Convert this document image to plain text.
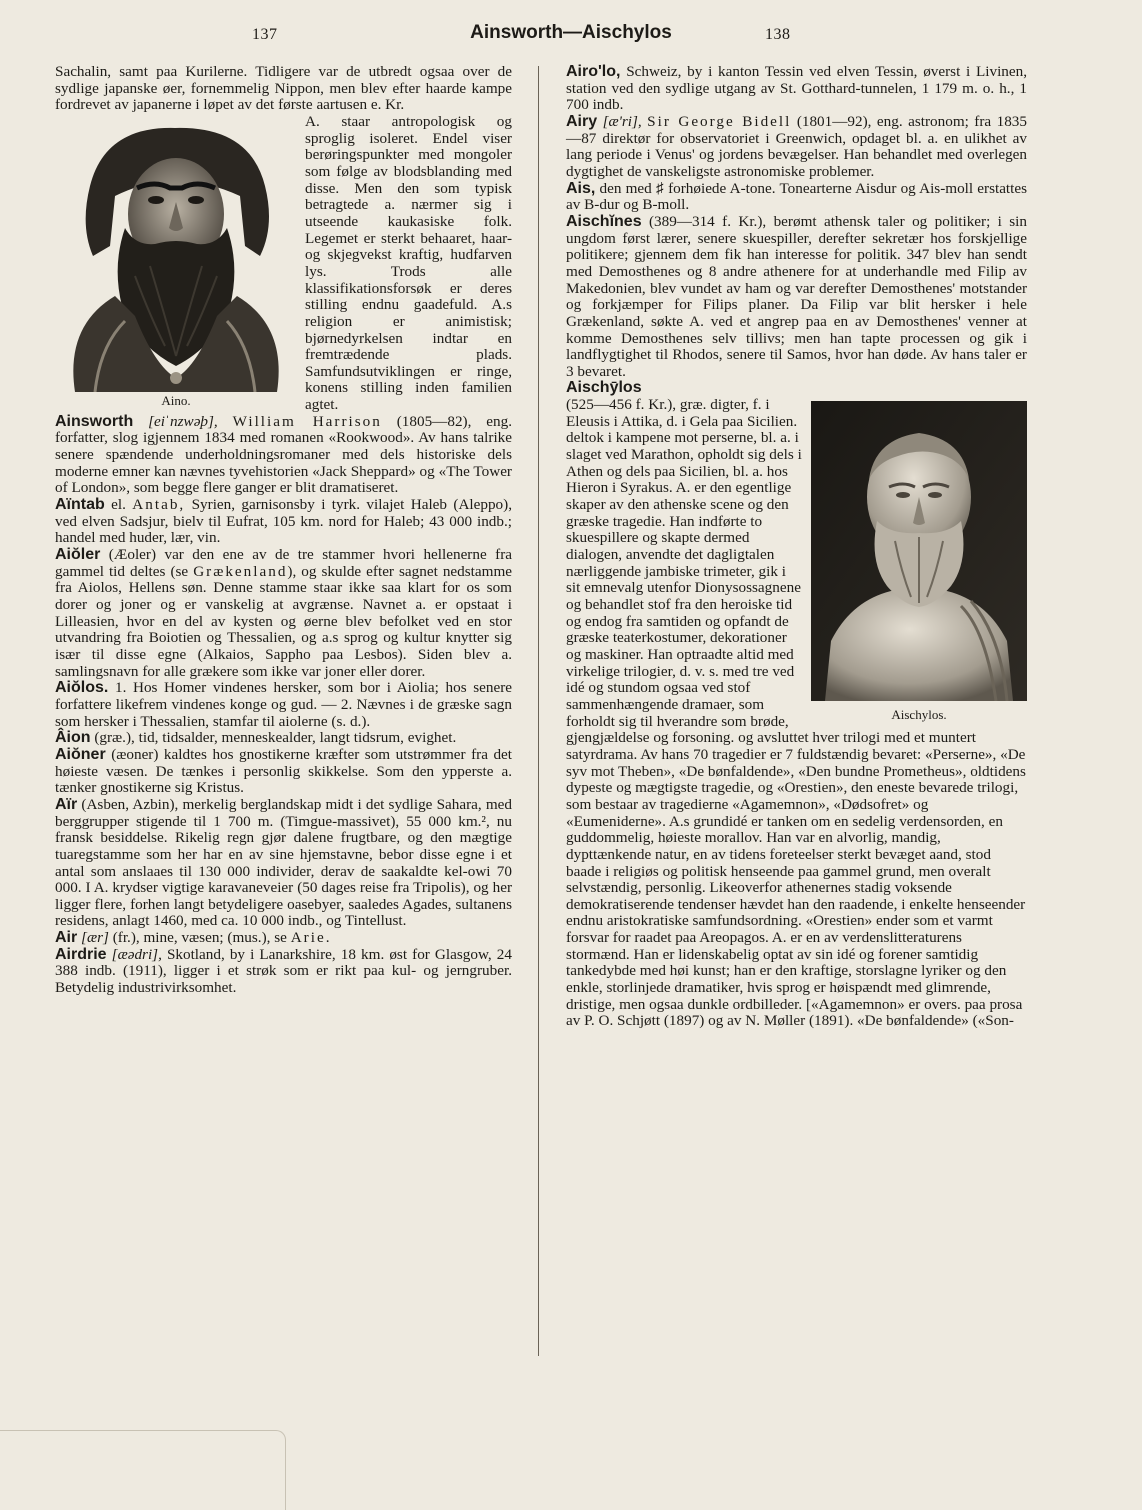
137	Ainsworth—Aischylos	138

Sachalin, samt paa Kurilerne. Tidligere var de utbredt ogsaa over de sydlige japanske øer, fornemmelig Nippon, men blev efter haarde kampe fordrevet av japanerne i løpet av det første aartusen e. Kr.

Aino.

A. staar antropologisk og sproglig isoleret. Endel viser berøringspunkter med mongoler som følge av blodsblanding med disse. Men den som typisk betragtede a. nærmer sig i utseende kaukasiske folk. Legemet er sterkt behaaret, haar- og skjegvekst kraftig, hudfarven lys. Trods alle klassifikationsforsøk er deres stilling endnu gaadefuld. A.s religion er animistisk; bjørnedyrkelsen indtar en fremtrædende plads. Samfundsutviklingen er ringe, konens stilling inden familien agtet.

Ainsworth [eiˈnzwəþ], William Harrison (1805—82), eng. forfatter, slog igjennem 1834 med romanen «Rookwood». Av hans talrike senere spændende underholdningsromaner med dels historiske dels moderne emner kan nævnes tyvehistorien «Jack Sheppard» og «The Tower of London», som begge flere ganger er blit dramatiseret.

Aïntab el. Antab, Syrien, garnisonsby i tyrk. vilajet Haleb (Aleppo), ved elven Sadsjur, bielv til Eufrat, 105 km. nord for Haleb; 43 000 indb.; handel med huder, lær, vin.

Aiŏler (Æoler) var den ene av de tre stammer hvori hellenerne fra gammel tid deltes (se Grækenland), og skulde efter sagnet nedstamme fra Aiolos, Hellens søn. Denne stamme staar ikke saa klart for os som dorer og joner og er vanskelig at avgrænse. Navnet a. er opstaat i Lilleasien, hvor en del av kysten og øerne blev befolket ved en stor utvandring fra Boiotien og Thessalien, og a.s sprog og kultur knytter sig især til disse egne (Alkaios, Sappho paa Lesbos). Siden blev a. samlingsnavn for alle grækere som ikke var joner eller dorer.

Aiŏlos. 1. Hos Homer vindenes hersker, som bor i Aiolia; hos senere forfattere likefrem vindenes konge og gud. — 2. Nævnes i de græske sagn som hersker i Thessalien, stamfar til aiolerne (s. d.).

Âion (græ.), tid, tidsalder, menneskealder, langt tidsrum, evighet.

Aiŏner (æoner) kaldtes hos gnostikerne kræfter som utstrømmer fra det høieste væsen. De tænkes i personlig skikkelse. Som den ypperste a. tænker gnostikerne sig Kristus.

Aïr (Asben, Azbin), merkelig berglandskap midt i det sydlige Sahara, med berggrupper stigende til 1 700 m. (Timgue-massivet), 55 000 km.², nu fransk besiddelse. Rikelig regn gjør dalene frugtbare, og den mægtige tuaregstamme som her har en av sine hjemstavne, bebor disse egne i et antal som anslaaes til 130 000 individer, derav de saakaldte kel-owi 70 000. I A. krydser vigtige karavaneveier (50 dages reise fra Tripolis), og her ligger flere, forhen langt betydeligere oasebyer, saaledes Agades, sultanens residens, anlagt 1460, med ca. 10 000 indb., og Tintellust.

Air [ær] (fr.), mine, væsen; (mus.), se Arie.

Airdrie [æədri], Skotland, by i Lanarkshire, 18 km. øst for Glasgow, 24 388 indb. (1911), ligger i et strøk som er rikt paa kul- og jerngruber. Betydelig industrivirksomhet.

Airo'lo, Schweiz, by i kanton Tessin ved elven Tessin, øverst i Livinen, station ved den sydlige utgang av St. Gotthard-tunnelen, 1 179 m. o. h., 1 700 indb.

Airy [æ'ri], Sir George Bidell (1801—92), eng. astronom; fra 1835—87 direktør for observatoriet i Greenwich, opdaget bl. a. en ulikhet av lang periode i Venus' og jordens bevægelser. Han behandlet med overlegen dygtighet de vanskeligste astronomiske problemer.

Ais, den med ♯ forhøiede A-tone. Tonearterne Aisdur og Ais-moll erstattes av B-dur og B-moll.

Aischĭnes (389—314 f. Kr.), berømt athensk taler og politiker; i sin ungdom først lærer, senere skuespiller, derefter sekretær hos forskjellige politikere; gjennem dem fik han interesse for politik. 347 blev han sendt med Demosthenes og 8 andre athenere for at underhandle med Filip av Makedonien, blev vundet av ham og var derefter Demosthenes' motstander og forkjæmper for Filips planer. Da Filip var blit hersker i hele Grækenland, søkte A. ved et angrep paa en av Demosthenes' venner at komme Demosthenes selv tillivs; men han tapte processen og gik i landflygtighet til Rhodos, senere til Samos, hvor han døde. Av hans taler er 3 bevaret.

Aischȳlos

Aischylos.
(525—456 f. Kr.), græ. digter, f. i Eleusis i Attika, d. i Gela paa Sicilien. deltok i kampene mot perserne, bl. a. i slaget ved Marathon, opholdt sig dels i Athen og dels paa Sicilien, bl. a. hos Hieron i Syrakus. A. er den egentlige skaper av den athenske scene og den græske tragedie. Han indførte to skuespillere og skapte dermed dialogen, anvendte det dagligtalen nærliggende jambiske trimeter, gik i sit emnevalg utenfor Dionysossagnene og behandlet stof fra den heroiske tid og endog fra samtiden og opfandt de græske teaterkostumer, dekorationer og maskiner. Han optraadte altid med virkelige trilogier, d. v. s. med tre ved idé og stundom ogsaa ved stof sammenhængende dramaer, som forholdt sig til hverandre som brøde, gjengjældelse og forsoning. og avsluttet hver trilogi med et muntert satyrdrama. Av hans 70 tragedier er 7 fuldstændig bevaret: «Perserne», «De syv mot Theben», «De bønfaldende», «Den bundne Prometheus», oldtidens dypeste og mægtigste tragedie, og «Orestien», den eneste bevarede trilogi, som bestaar av tragedierne «Agamemnon», «Dødsofret» og «Eumeniderne». A.s grundidé er tanken om en sedelig verdensorden, en guddommelig, høieste morallov. Han var en alvorlig, mandig, dypttænkende natur, en av tidens foreteelser sterkt bevæget aand, stod baade i religiøs og politisk henseende paa gammel grund, men overalt selvstændig, personlig. Likeoverfor athenernes stadig voksende demokratiserende tendenser hævdet han den raadende, i enkelte henseender endnu aristokratiske samfundsordning. «Orestien» ender som et varmt forsvar for raadet paa Areopagos. A. er en av verdenslitteraturens stormænd. Han er lidenskabelig optat av sin idé og forener samtidig tankedybde med høi kunst; han er den kraftige, storslagne lyriker og den enkle, storlinjede dramatiker, hvis sprog er høispændt med glimrende, dristige, men ogsaa dunkle ordbilleder. [«Agamemnon» er overs. paa prosa av P. O. Schjøtt (1897) og av N. Møller (1891). «De bønfaldende» («Son-
